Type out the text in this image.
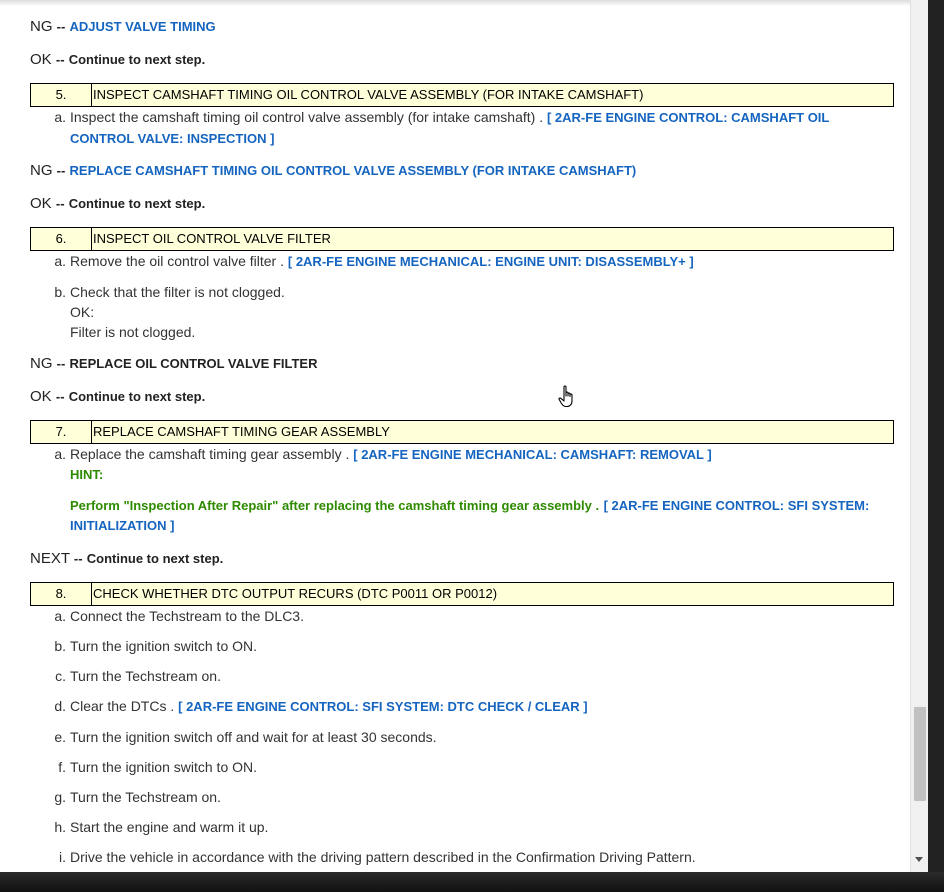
NG -- ADJUST VALVE TIMING
OK -- Continue to next step.
5.	INSPECT CAMSHAFT TIMING OIL CONTROL VALVE ASSEMBLY (FOR INTAKE CAMSHAFT)
a. Inspect the camshaft timing oil control valve assembly (for intake camshaft) . [ 2AR-FE ENGINE CONTROL: CAMSHAFT OIL
CONTROL VALVE: INSPECTION ]
NG -- REPLACE CAMSHAFT TIMING OIL CONTROL VALVE ASSEMBLY (FOR INTAKE CAMSHAFT)
OK -- Continue to next step.
6.	INSPECT OIL CONTROL VALVE FILTER
a. Remove the oil control valve filter . [ 2AR-FE ENGINE MECHANICAL: ENGINE UNIT: DISASSEMBLY+ ]
b. Check that the filter is not clogged.
OK:
Filter is not clogged.
NG -- REPLACE OIL CONTROL VALVE FILTER
OK -- Continue to next step.
7.	REPLACE CAMSHAFT TIMING GEAR ASSEMBLY
a. Replace the camshaft timing gear assembly . [ 2AR-FE ENGINE MECHANICAL: CAMSHAFT: REMOVAL ]
HINT:
Perform "Inspection After Repair" after replacing the camshaft timing gear assembly . [ 2AR-FE ENGINE CONTROL: SFI SYSTEM:
INITIALIZATION ]
NEXT -- Continue to next step.
8.	CHECK WHETHER DTC OUTPUT RECURS (DTC P0011 OR P0012)
a. Connect the Techstream to the DLC3.
b. Turn the ignition switch to ON.
c. Turn the Techstream on.
d. Clear the DTCs . [ 2AR-FE ENGINE CONTROL: SFI SYSTEM: DTC CHECK / CLEAR ]
e. Turn the ignition switch off and wait for at least 30 seconds.
f. Turn the ignition switch to ON.
g. Turn the Techstream on.
h. Start the engine and warm it up.
i. Drive the vehicle in accordance with the driving pattern described in the Confirmation Driving Pattern.
